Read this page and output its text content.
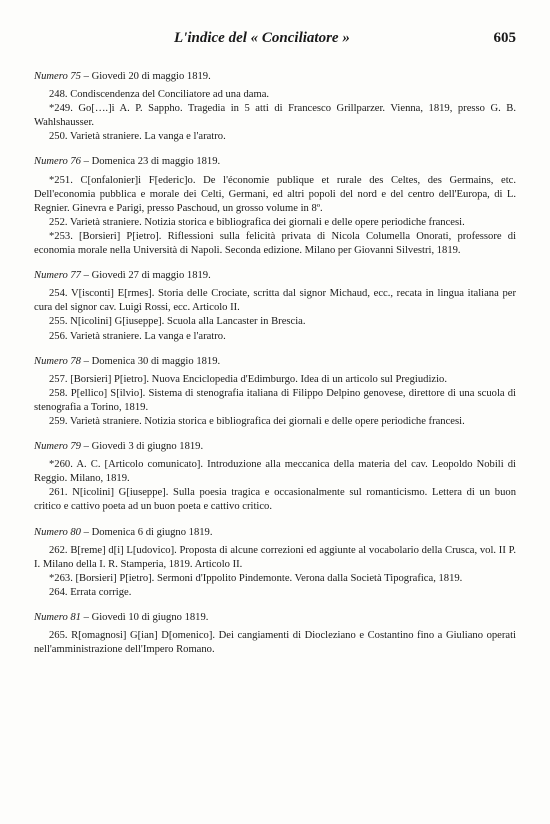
L'indice del « Conciliatore »	605
Numero 75 – Giovedì 20 di maggio 1819.

248. Condiscendenza del Conciliatore ad una dama.

*249. Go[….]i A. P. Sappho. Tragedia in 5 atti di Francesco Grillparzer. Vienna, 1819, presso G. B. Wahlshausser.

250. Varietà straniere. La vanga e l'aratro.

Numero 76 – Domenica 23 di maggio 1819.

*251. C[onfalonier]i F[ederic]o. De l'économie publique et rurale des Celtes, des Germains, etc. Dell'economia pubblica e morale dei Celti, Germani, ed altri popoli del nord e del centro dell'Europa, di L. Regnier. Ginevra e Parigi, presso Paschoud, un grosso volume in 8º.

252. Varietà straniere. Notizia storica e bibliografica dei giornali e delle opere periodiche francesi.

*253. [Borsieri] P[ietro]. Riflessioni sulla felicità privata di Nicola Columella Onorati, professore di economia morale nella Università di Napoli. Seconda edizione. Milano per Giovanni Silvestri, 1819.

Numero 77 – Giovedì 27 di maggio 1819.

254. V[isconti] E[rmes]. Storia delle Crociate, scritta dal signor Michaud, ecc., recata in lingua italiana per cura del signor cav. Luigi Rossi, ecc. Articolo II.

255. N[icolini] G[iuseppe]. Scuola alla Lancaster in Brescia.

256. Varietà straniere. La vanga e l'aratro.

Numero 78 – Domenica 30 di maggio 1819.

257. [Borsieri] P[ietro]. Nuova Enciclopedia d'Edimburgo. Idea di un articolo sul Pregiudizio.

258. P[ellico] S[ilvio]. Sistema di stenografia italiana di Filippo Delpino genovese, direttore di una scuola di stenografia a Torino, 1819.

259. Varietà straniere. Notizia storica e bibliografica dei giornali e delle opere periodiche francesi.

Numero 79 – Giovedì 3 di giugno 1819.

*260. A. C. [Articolo comunicato]. Introduzione alla meccanica della materia del cav. Leopoldo Nobili di Reggio. Milano, 1819.

261. N[icolini] G[iuseppe]. Sulla poesia tragica e occasionalmente sul romanticismo. Lettera di un buon critico e cattivo poeta ad un buon poeta e cattivo critico.

Numero 80 – Domenica 6 di giugno 1819.

262. B[reme] d[i] L[udovico]. Proposta di alcune correzioni ed aggiunte al vocabolario della Crusca, vol. II P. I. Milano della I. R. Stamperia, 1819. Articolo II.

*263. [Borsieri] P[ietro]. Sermoni d'Ippolito Pindemonte. Verona dalla Società Tipografica, 1819.

264. Errata corrige.

Numero 81 – Giovedì 10 di giugno 1819.

265. R[omagnosi] G[ian] D[omenico]. Dei cangiamenti di Diocleziano e Costantino fino a Giuliano operati nell'amministrazione dell'Impero Romano.
